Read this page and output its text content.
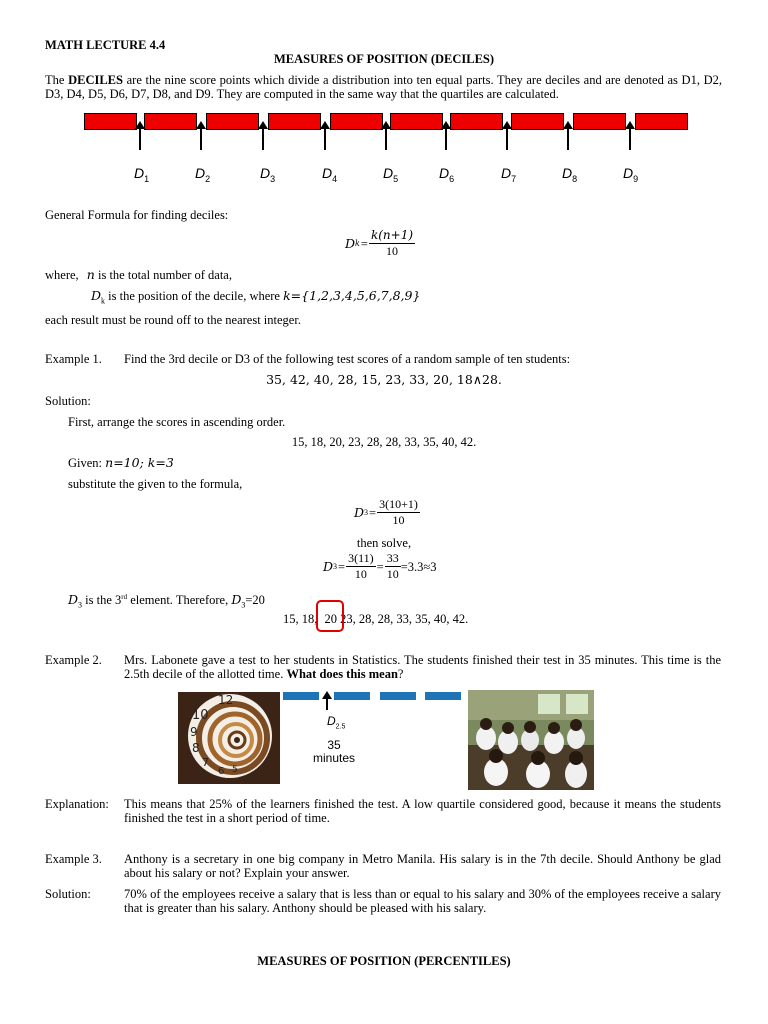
MATH LECTURE 4.4
MEASURES OF POSITION (DECILES)
The DECILES are the nine score points which divide a distribution into ten equal parts. They are deciles and are denoted as D1, D2, D3, D4, D5, D6, D7, D8, and D9. They are computed in the same way that the quartiles are calculated.
$D_1$	$D_2$	$D_3$	$D_4$	$D_5$	$D_6$	$D_7$	$D_8$	$D_9$
General Formula for finding deciles:
D $k = \frac{k(n+1)}{10}$
where, n is the total number of data,
$D_k$ is the position of the decile, where k={1,2,3,4,5,6,7,8,9}
each result must be round off to the nearest integer.
Example 1. Find the 3rd decile or D3 of the following test scores of a random sample of ten students:
35, 42, 40, 28, 15, 23, 33, 20, 18∧28.
Solution:
First, arrange the scores in ascending order.
15, 18, 20, 23, 28, 28, 33, 35, 40, 42.
Given: n=10; k=3
substitute the given to the formula,
D $3 = \frac{3(10+1)}{10}$
then solve,
D $3 = \frac{3(11)}{10} = \frac{33}{10} =3.3\approx 3$
$D_3$ is the 3rd element. Therefore, $D_3=20$
15, 18, 20 23, 28, 28, 33, 35, 40, 42.
Example 2. Mrs. Labonete gave a test to her students in Statistics. The students finished their test in 35 minutes. This time is the 2.5th decile of the allotted time. What does this mean?
10
9
8
7
6 5
12
$D_{2.5}$
35
minutes
Explanation: This means that 25% of the learners finished the test. A low quartile considered good, because it means the students finished the test in a short period of time.
Example 3. Anthony is a secretary in one big company in Metro Manila. His salary is in the 7th decile. Should Anthony be glad about his salary or not? Explain your answer.
Solution:	70% of the employees receive a salary that is less than or equal to his salary and 30% of the employees receive a salary that is greater than his salary. Anthony should be pleased with his salary.
MEASURES OF POSITION (PERCENTILES)
